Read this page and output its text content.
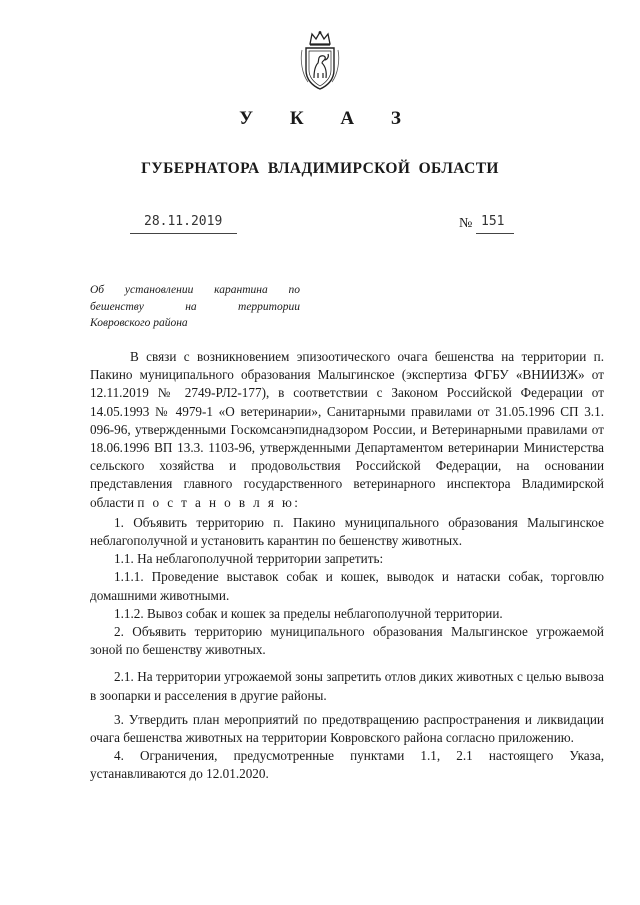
У К А З
ГУБЕРНАТОРА ВЛАДИМИРСКОЙ ОБЛАСТИ
28.11.2019	№ 151
Об установлении карантина по
бешенству на территории
Ковровского района

В связи с возникновением эпизоотического очага бешенства на территории п. Пакино муниципального образования Малыгинское (экспертиза ФГБУ «ВНИИЗЖ» от 12.11.2019 № 2749-РЛ2-177), в соответствии с Законом Российской Федерации от 14.05.1993 № 4979-1 «О ветеринарии», Санитарными правилами от 31.05.1996 СП 3.1. 096-96, утвержденными Госкомсанэпиднадзором России, и Ветеринарными правилами от 18.06.1996 ВП 13.3. 1103-96, утвержденными Департаментом ветеринарии Министерства сельского хозяйства и продовольствия Российской Федерации, на основании представления главного государственного ветеринарного инспектора Владимирской области п о с т а н о в л я ю:

1. Объявить территорию п. Пакино муниципального образования Малыгинское неблагополучной и установить карантин по бешенству животных.

1.1. На неблагополучной территории запретить:

1.1.1. Проведение выставок собак и кошек, выводок и натаски собак, торговлю домашними животными.

1.1.2. Вывоз собак и кошек за пределы неблагополучной территории.

2. Объявить территорию муниципального образования Малыгинское угрожаемой зоной по бешенству животных.

2.1. На территории угрожаемой зоны запретить отлов диких животных с целью вывоза в зоопарки и расселения в другие районы.

3. Утвердить план мероприятий по предотвращению распространения и ликвидации очага бешенства животных на территории Ковровского района согласно приложению.

4. Ограничения, предусмотренные пунктами 1.1, 2.1 настоящего Указа, устанавливаются до 12.01.2020.
